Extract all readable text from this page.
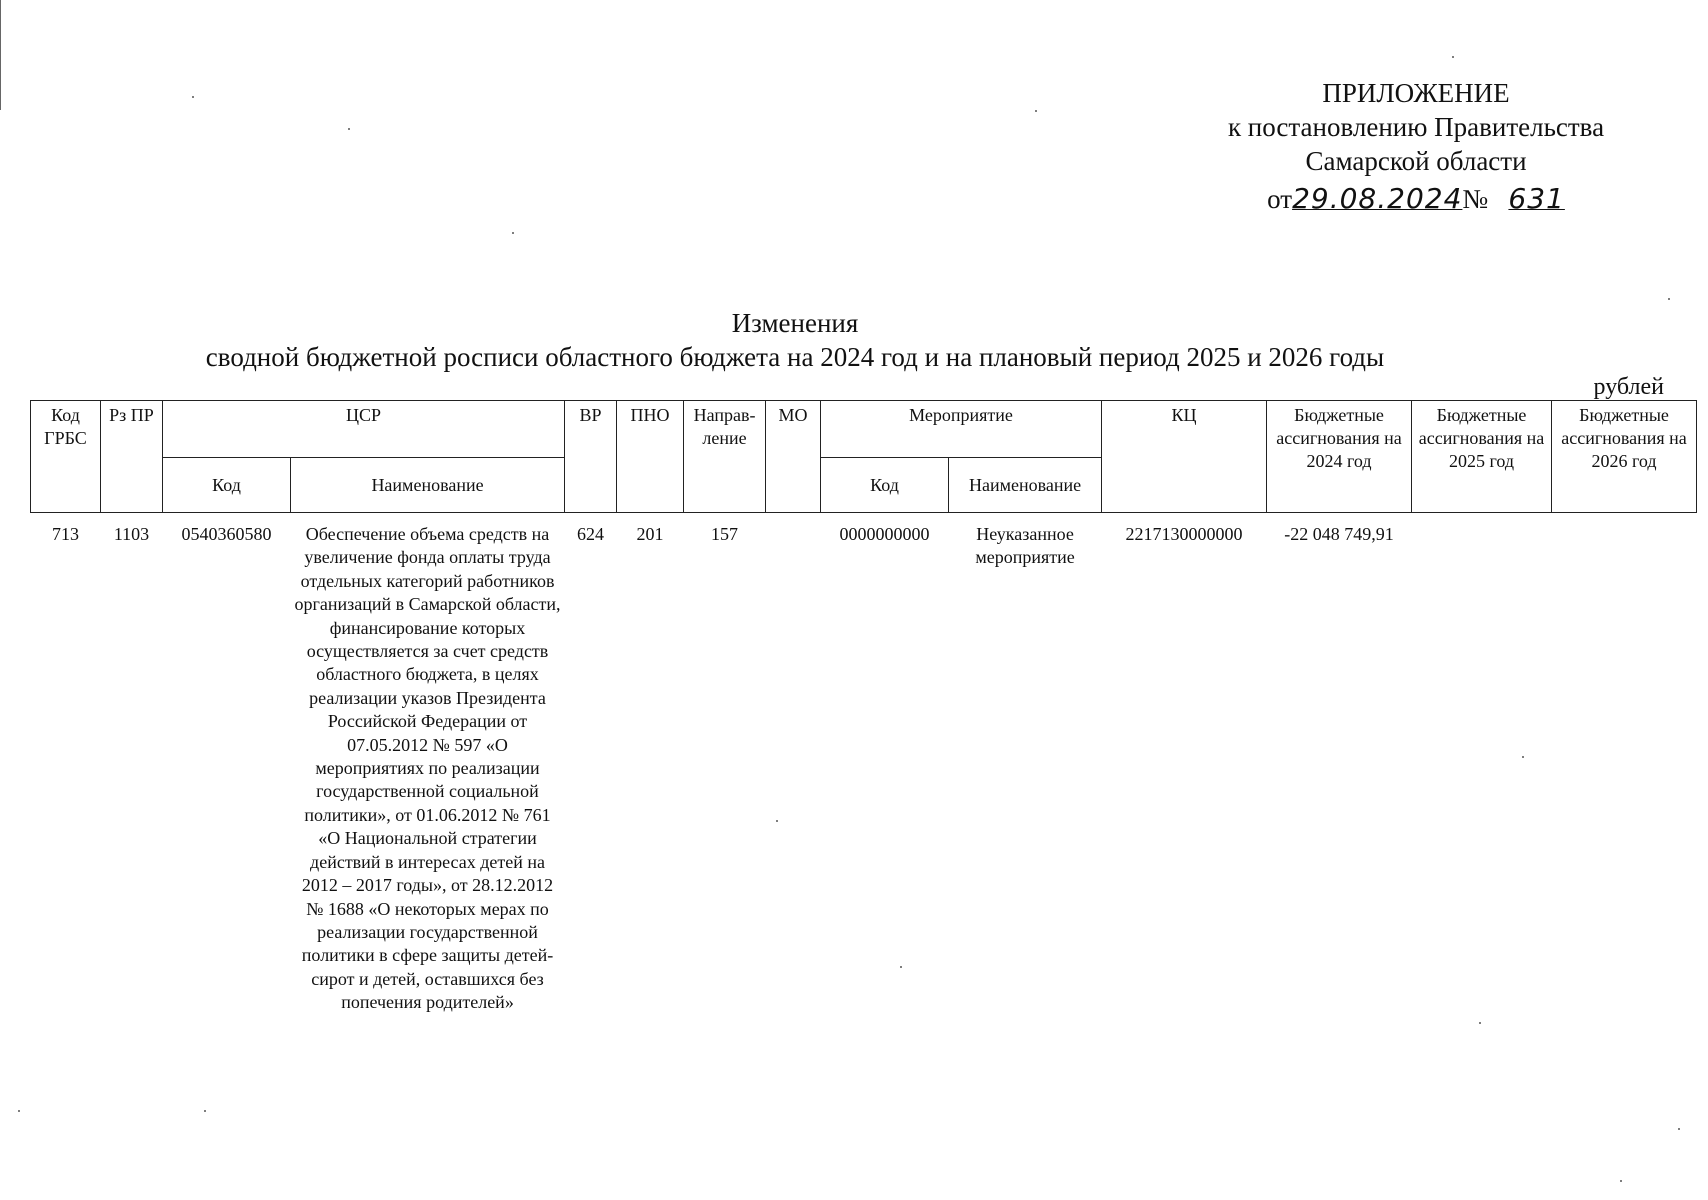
ПРИЛОЖЕНИЕ
к постановлению Правительства
Самарской области
от29.08.2024№ 631
Изменения
сводной бюджетной росписи областного бюджета на 2024 год и на плановый период 2025 и 2026 годы
рублей
Код ГРБС	Рз ПР	ЦСР		ВР	ПНО	Направ-ление	МО	Мероприятие		КЦ	Бюджетные ассигнования на 2024 год	Бюджетные ассигнования на 2025 год	Бюджетные ассигнования на 2026 год
		Код	Наименование					Код	Наименование				
713	1103	0540360580	Обеспечение объема средств на увеличение фонда оплаты труда отдельных категорий работников организаций в Самарской области, финансирование которых осуществляется за счет средств областного бюджета, в целях реализации указов Президента Российской Федерации от 07.05.2012 № 597 «О мероприятиях по реализации государственной социальной политики», от 01.06.2012 № 761 «О Национальной стратегии действий в интересах детей на 2012 – 2017 годы», от 28.12.2012 № 1688 «О некоторых мерах по реализации государственной политики в сфере защиты детей-сирот и детей, оставшихся без попечения родителей»	624	201	157		0000000000	Неуказанное мероприятие	2217130000000	-22 048 749,91		
